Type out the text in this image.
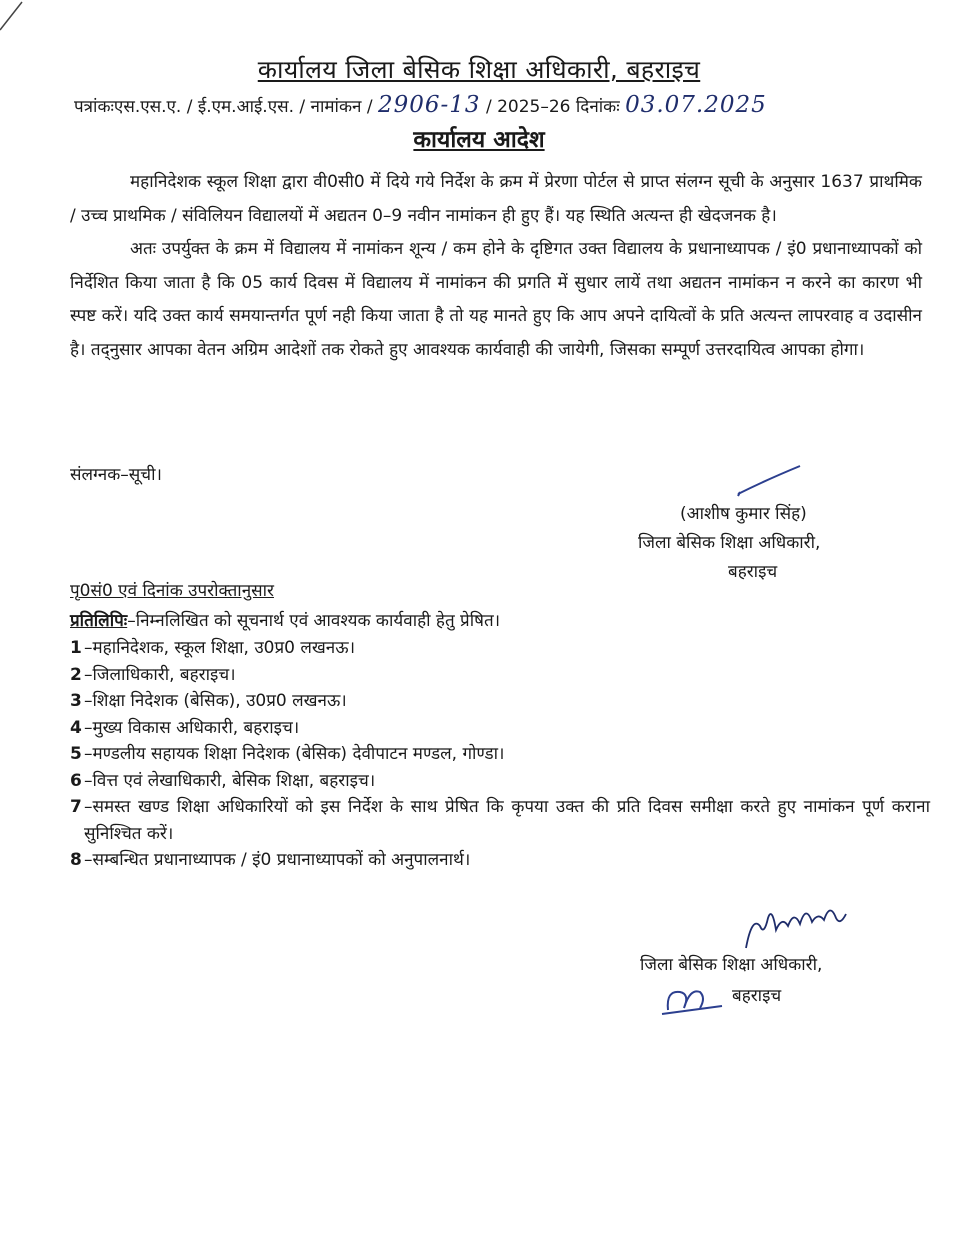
कार्यालय जिला बेसिक शिक्षा अधिकारी, बहराइच
पत्रांकःएस.एस.ए. / ई.एम.आई.एस. / नामांकन / 2906-13 / 2025–26 दिनांकः 03.07.2025
कार्यालय आदेश

महानिदेशक स्कूल शिक्षा द्वारा वी0सी0 में दिये गये निर्देश के क्रम में प्रेरणा पोर्टल से प्राप्त संलग्न सूची के अनुसार 1637 प्राथमिक / उच्च प्राथमिक / संविलियन विद्यालयों में अद्यतन 0–9 नवीन नामांकन ही हुए हैं। यह स्थिति अत्यन्त ही खेदजनक है।

अतः उपर्युक्त के क्रम में विद्यालय में नामांकन शून्य / कम होने के दृष्टिगत उक्त विद्यालय के प्रधानाध्यापक / इं0 प्रधानाध्यापकों को निर्देशित किया जाता है कि 05 कार्य दिवस में विद्यालय में नामांकन की प्रगति में सुधार लायें तथा अद्यतन नामांकन न करने का कारण भी स्पष्ट करें। यदि उक्त कार्य समयान्तर्गत पूर्ण नही किया जाता है तो यह मानते हुए कि आप अपने दायित्वों के प्रति अत्यन्त लापरवाह व उदासीन है। तद्नुसार आपका वेतन अग्रिम आदेशों तक रोकते हुए आवश्यक कार्यवाही की जायेगी, जिसका सम्पूर्ण उत्तरदायित्व आपका होगा।

संलग्नक–सूची।
(आशीष कुमार सिंह)
जिला बेसिक शिक्षा अधिकारी,
बहराइच
पृ0सं0 एवं दिनांक उपरोक्तानुसार
प्रतिलिपिः–निम्नलिखित को सूचनार्थ एवं आवश्यक कार्यवाही हेतु प्रेषित।
1 –महानिदेशक, स्कूल शिक्षा, उ0प्र0 लखनऊ।
2 –जिलाधिकारी, बहराइच।
3 –शिक्षा निदेशक (बेसिक), उ0प्र0 लखनऊ।
4 –मुख्य विकास अधिकारी, बहराइच।
5 –मण्डलीय सहायक शिक्षा निदेशक (बेसिक) देवीपाटन मण्डल, गोण्डा।
6 –वित्त एवं लेखाधिकारी, बेसिक शिक्षा, बहराइच।
7 –समस्त खण्ड शिक्षा अधिकारियों को इस निर्देश के साथ प्रेषित कि कृपया उक्त की प्रति दिवस समीक्षा करते हुए नामांकन पूर्ण कराना सुनिश्चित करें।
8 –सम्बन्धित प्रधानाध्यापक / इं0 प्रधानाध्यापकों को अनुपालनार्थ।
जिला बेसिक शिक्षा अधिकारी,
बहराइच
